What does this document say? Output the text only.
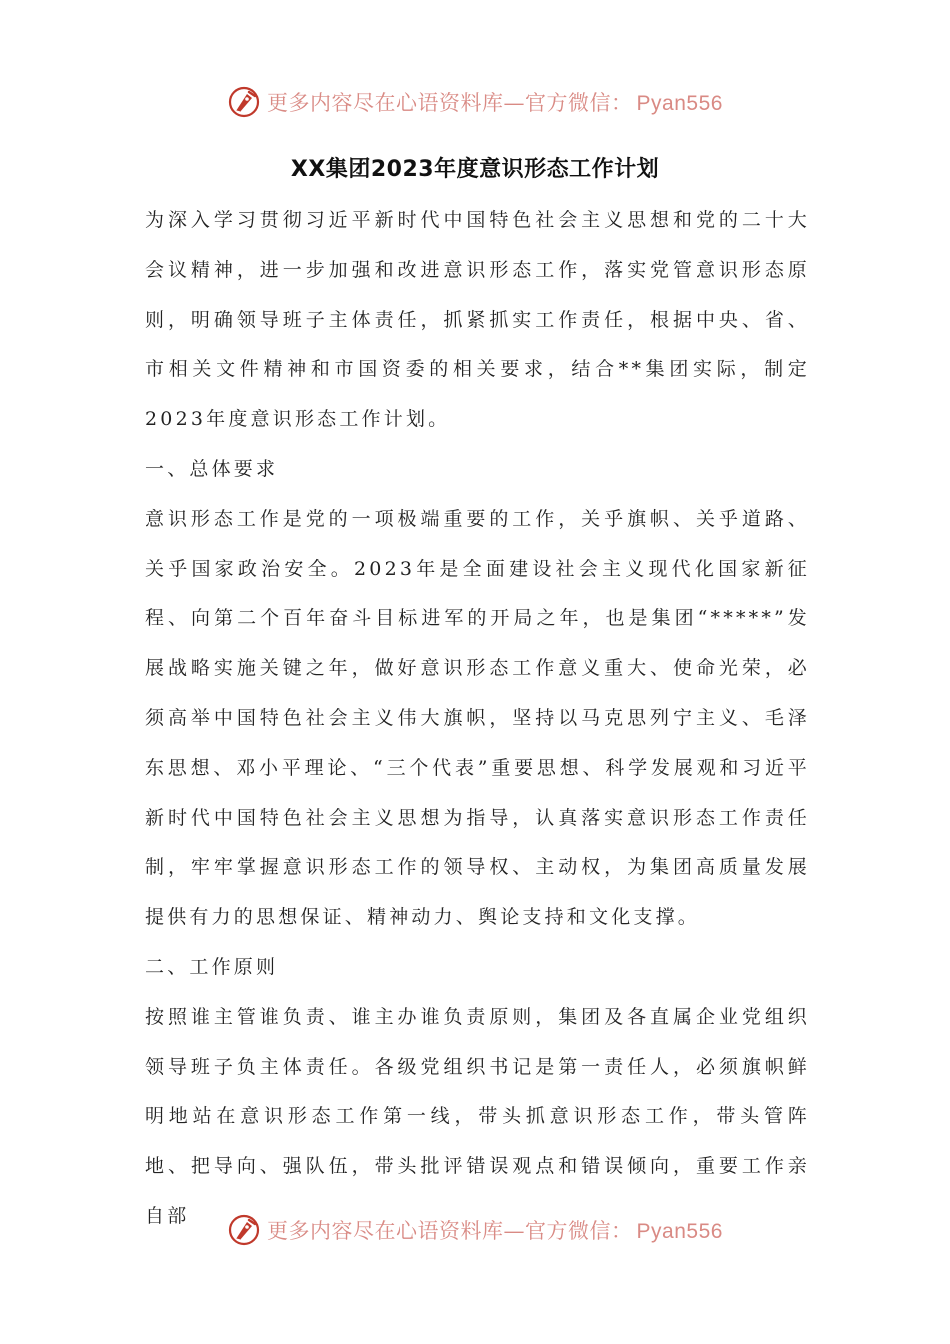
更多内容尽在心语资料库—官方微信： Pyan556
XX集团2023年度意识形态工作计划

为深入学习贯彻习近平新时代中国特色社会主义思想和党的二十大会议精神，进一步加强和改进意识形态工作，落实党管意识形态原则，明确领导班子主体责任，抓紧抓实工作责任，根据中央、省、市相关文件精神和市国资委的相关要求，结合**集团实际，制定2023年度意识形态工作计划。

一、总体要求

意识形态工作是党的一项极端重要的工作，关乎旗帜、关乎道路、关乎国家政治安全。2023年是全面建设社会主义现代化国家新征程、向第二个百年奋斗目标进军的开局之年，也是集团“*****”发展战略实施关键之年，做好意识形态工作意义重大、使命光荣，必须高举中国特色社会主义伟大旗帜，坚持以马克思列宁主义、毛泽东思想、邓小平理论、“三个代表”重要思想、科学发展观和习近平新时代中国特色社会主义思想为指导，认真落实意识形态工作责任制，牢牢掌握意识形态工作的领导权、主动权，为集团高质量发展提供有力的思想保证、精神动力、舆论支持和文化支撑。

二、工作原则

按照谁主管谁负责、谁主办谁负责原则，集团及各直属企业党组织领导班子负主体责任。各级党组织书记是第一责任人，必须旗帜鲜明地站在意识形态工作第一线，带头抓意识形态工作，带头管阵地、把导向、强队伍，带头批评错误观点和错误倾向，重要工作亲自部

更多内容尽在心语资料库—官方微信： Pyan556
